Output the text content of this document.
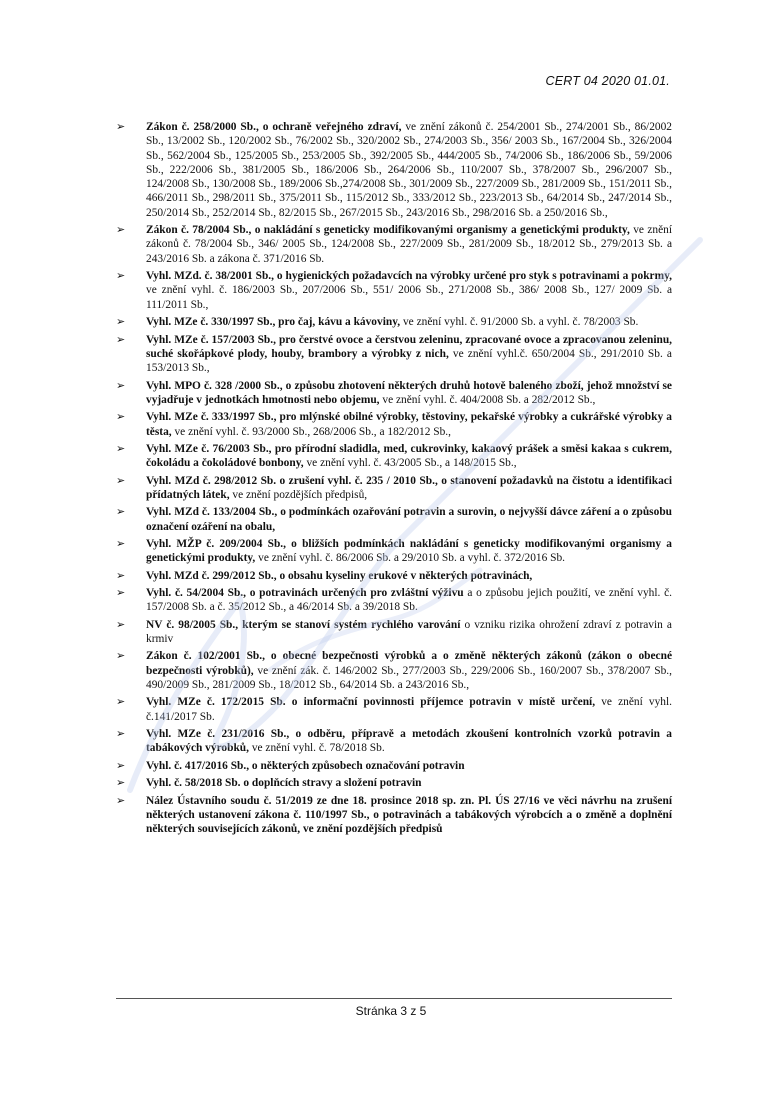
CERT 04 2020 01.01.
➢ Zákon č. 258/2000 Sb., o ochraně veřejného zdraví, ve znění zákonů č. 254/2001 Sb., 274/2001 Sb., 86/2002 Sb., 13/2002 Sb., 120/2002 Sb., 76/2002 Sb., 320/2002 Sb., 274/2003 Sb., 356/ 2003 Sb., 167/2004 Sb., 326/2004 Sb., 562/2004 Sb., 125/2005 Sb., 253/2005 Sb., 392/2005 Sb., 444/2005 Sb., 74/2006 Sb., 186/2006 Sb., 59/2006 Sb., 222/2006 Sb., 381/2005 Sb., 186/2006 Sb., 264/2006 Sb., 110/2007 Sb., 378/2007 Sb., 296/2007 Sb., 124/2008 Sb., 130/2008 Sb., 189/2006 Sb.,274/2008 Sb., 301/2009 Sb., 227/2009 Sb., 281/2009 Sb., 151/2011 Sb., 466/2011 Sb., 298/2011 Sb., 375/2011 Sb., 115/2012 Sb., 333/2012 Sb., 223/2013 Sb., 64/2014 Sb., 247/2014 Sb., 250/2014 Sb., 252/2014 Sb., 82/2015 Sb., 267/2015 Sb., 243/2016 Sb., 298/2016 Sb. a 250/2016 Sb.,
➢ Zákon č. 78/2004 Sb., o nakládání s geneticky modifikovanými organismy a genetickými produkty, ve znění zákonů č. 78/2004 Sb., 346/ 2005 Sb., 124/2008 Sb., 227/2009 Sb., 281/2009 Sb., 18/2012 Sb., 279/2013 Sb. a 243/2016 Sb. a zákona č. 371/2016 Sb.
➢ Vyhl. MZd. č. 38/2001 Sb., o hygienických požadavcích na výrobky určené pro styk s potravinami a pokrmy, ve znění vyhl. č. 186/2003 Sb., 207/2006 Sb., 551/ 2006 Sb., 271/2008 Sb., 386/ 2008 Sb., 127/ 2009 Sb. a 111/2011 Sb.,
➢ Vyhl. MZe č. 330/1997 Sb., pro čaj, kávu a kávoviny, ve znění vyhl. č. 91/2000 Sb. a vyhl. č. 78/2003 Sb.
➢ Vyhl. MZe č. 157/2003 Sb., pro čerstvé ovoce a čerstvou zeleninu, zpracované ovoce a zpracovanou zeleninu, suché skořápkové plody, houby, brambory a výrobky z nich, ve znění vyhl.č. 650/2004 Sb., 291/2010 Sb. a 153/2013 Sb.,
➢ Vyhl. MPO č. 328 /2000 Sb., o způsobu zhotovení některých druhů hotově baleného zboží, jehož množství se vyjadřuje v jednotkách hmotnosti nebo objemu, ve znění vyhl. č. 404/2008 Sb. a 282/2012 Sb.,
➢ Vyhl. MZe č. 333/1997 Sb., pro mlýnské obilné výrobky, těstoviny, pekařské výrobky a cukrářské výrobky a těsta, ve znění vyhl. č. 93/2000 Sb., 268/2006 Sb., a 182/2012 Sb.,
➢ Vyhl. MZe č. 76/2003 Sb., pro přírodní sladidla, med, cukrovinky, kakaový prášek a směsi kakaa s cukrem, čokoládu a čokoládové bonbony, ve znění vyhl. č. 43/2005 Sb., a 148/2015 Sb.,
➢ Vyhl. MZd č. 298/2012 Sb. o zrušení vyhl. č. 235 / 2010 Sb., o stanovení požadavků na čistotu a identifikaci přídatných látek, ve znění pozdějších předpisů,
➢ Vyhl. MZd č. 133/2004 Sb., o podmínkách ozařování potravin a surovin, o nejvyšší dávce záření a o způsobu označení ozáření na obalu,
➢ Vyhl. MŽP č. 209/2004 Sb., o bližších podmínkách nakládání s geneticky modifikovanými organismy a genetickými produkty, ve znění vyhl. č. 86/2006 Sb. a 29/2010 Sb. a vyhl. č. 372/2016 Sb.
➢ Vyhl. MZd č. 299/2012 Sb., o obsahu kyseliny erukové v některých potravinách,
➢ Vyhl. č. 54/2004 Sb., o potravinách určených pro zvláštní výživu a o způsobu jejich použití, ve znění vyhl. č. 157/2008 Sb. a č. 35/2012 Sb., a 46/2014 Sb. a 39/2018 Sb.
➢ NV č. 98/2005 Sb., kterým se stanoví systém rychlého varování o vzniku rizika ohrožení zdraví z potravin a krmiv
➢ Zákon č. 102/2001 Sb., o obecné bezpečnosti výrobků a o změně některých zákonů (zákon o obecné bezpečnosti výrobků), ve znění zák. č. 146/2002 Sb., 277/2003 Sb., 229/2006 Sb., 160/2007 Sb., 378/2007 Sb., 490/2009 Sb., 281/2009 Sb., 18/2012 Sb., 64/2014 Sb. a 243/2016 Sb.,
➢ Vyhl. MZe č. 172/2015 Sb. o informační povinnosti příjemce potravin v místě určení, ve znění vyhl. č.141/2017 Sb.
➢ Vyhl. MZe č. 231/2016 Sb., o odběru, přípravě a metodách zkoušení kontrolních vzorků potravin a tabákových výrobků, ve znění vyhl. č. 78/2018 Sb.
➢ Vyhl. č. 417/2016 Sb., o některých způsobech označování potravin
➢ Vyhl. č. 58/2018 Sb. o doplňcích stravy a složení potravin
➢ Nález Ústavního soudu č. 51/2019 ze dne 18. prosince 2018 sp. zn. Pl. ÚS 27/16 ve věci návrhu na zrušení některých ustanovení zákona č. 110/1997 Sb., o potravinách a tabákových výrobcích a o změně a doplnění některých souvisejících zákonů, ve znění pozdějších předpisů
Stránka 3 z 5
